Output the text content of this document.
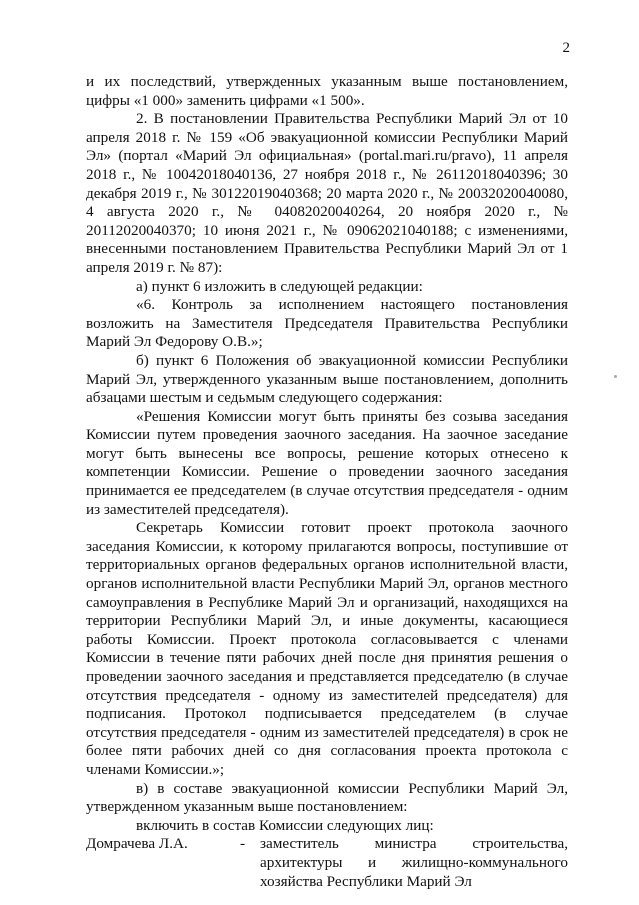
2

и их последствий, утвержденных указанным выше постановлением, цифры «1 000» заменить цифрами «1 500».

2. В постановлении Правительства Республики Марий Эл от 10 апреля 2018 г. № 159 «Об эвакуационной комиссии Республики Марий Эл» (портал «Марий Эл официальная» (portal.mari.ru/pravo), 11 апреля 2018 г., № 10042018040136, 27 ноября 2018 г., № 26112018040396; 30 декабря 2019 г., № 30122019040368; 20 марта 2020 г., № 20032020040080, 4 августа 2020 г., № 04082020040264, 20 ноября 2020 г., № 20112020040370; 10 июня 2021 г., № 09062021040188; с изменениями, внесенными постановлением Правительства Республики Марий Эл от 1 апреля 2019 г. № 87):

а) пункт 6 изложить в следующей редакции:

«6. Контроль за исполнением настоящего постановления возложить на Заместителя Председателя Правительства Республики Марий Эл Федорову О.В.»;

б) пункт 6 Положения об эвакуационной комиссии Республики Марий Эл, утвержденного указанным выше постановлением, дополнить абзацами шестым и седьмым следующего содержания:

«Решения Комиссии могут быть приняты без созыва заседания Комиссии путем проведения заочного заседания. На заочное заседание могут быть вынесены все вопросы, решение которых отнесено к компетенции Комиссии. Решение о проведении заочного заседания принимается ее председателем (в случае отсутствия председателя - одним из заместителей председателя).

Секретарь Комиссии готовит проект протокола заочного заседания Комиссии, к которому прилагаются вопросы, поступившие от территориальных органов федеральных органов исполнительной власти, органов исполнительной власти Республики Марий Эл, органов местного самоуправления в Республике Марий Эл и организаций, находящихся на территории Республики Марий Эл, и иные документы, касающиеся работы Комиссии. Проект протокола согласовывается с членами Комиссии в течение пяти рабочих дней после дня принятия решения о проведении заочного заседания и представляется председателю (в случае отсутствия председателя - одному из заместителей председателя) для подписания. Протокол подписывается председателем (в случае отсутствия председателя - одним из заместителей председателя) в срок не более пяти рабочих дней со дня согласования проекта протокола с членами Комиссии.»;

в) в составе эвакуационной комиссии Республики Марий Эл, утвержденном указанным выше постановлением:

включить в состав Комиссии следующих лиц:

Домрачева Л.А.	- заместитель министра строительства, архитектуры и жилищно-коммунального хозяйства Республики Марий Эл
